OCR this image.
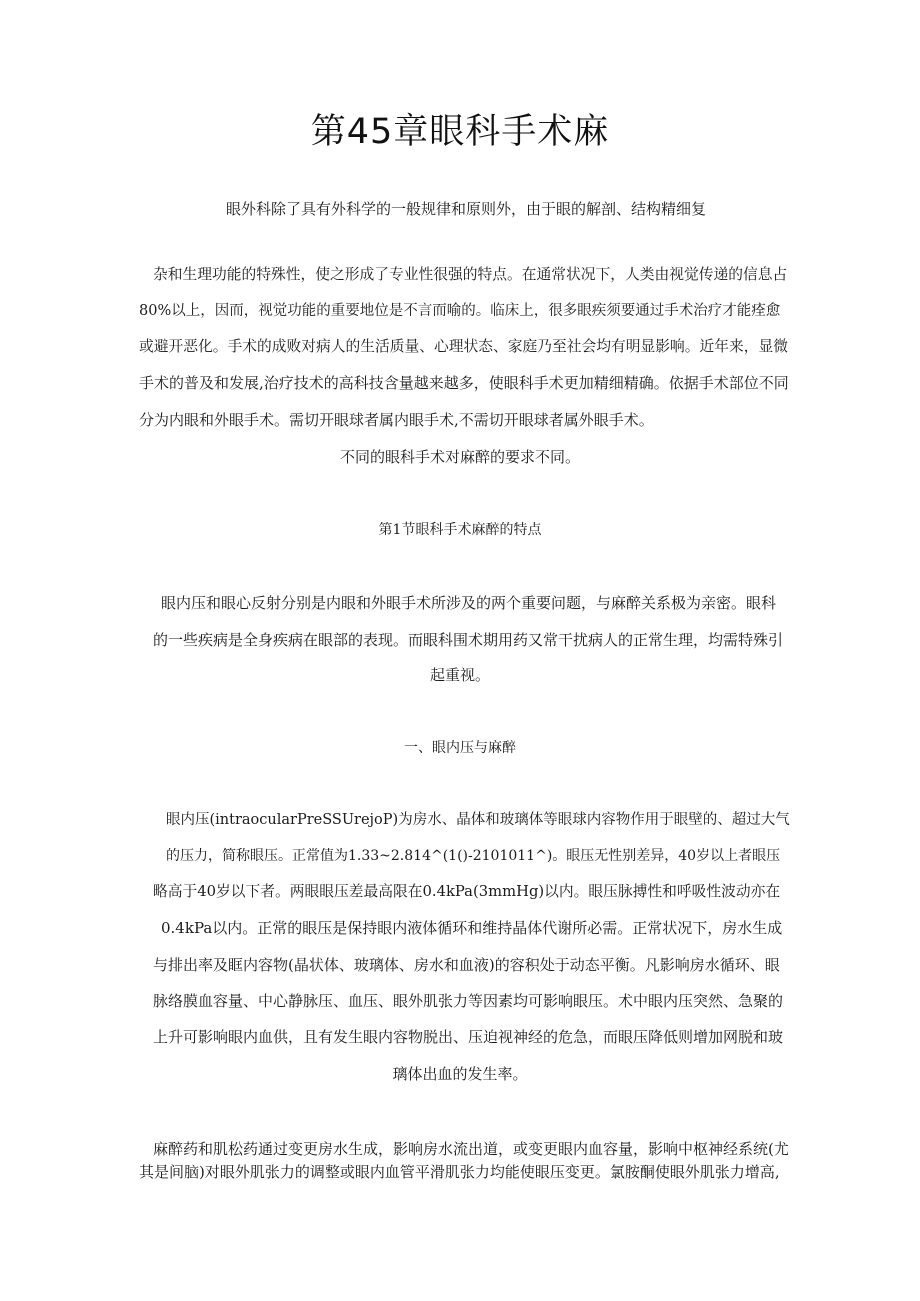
第45章眼科手术麻

眼外科除了具有外科学的一般规律和原则外，由于眼的解剖、结构精细复

杂和生理功能的特殊性，使之形成了专业性很强的特点。在通常状况下，人类由视觉传递的信息占

80%以上，因而，视觉功能的重要地位是不言而喻的。临床上，很多眼疾须要通过手术治疗才能痊愈

或避开恶化。手术的成败对病人的生活质量、心理状态、家庭乃至社会均有明显影响。近年来，显微

手术的普及和发展,治疗技术的高科技含量越来越多，使眼科手术更加精细精确。依据手术部位不同

分为内眼和外眼手术。需切开眼球者属内眼手术,不需切开眼球者属外眼手术。

不同的眼科手术对麻醉的要求不同。

第1节眼科手术麻醉的特点

眼内压和眼心反射分别是内眼和外眼手术所涉及的两个重要问题，与麻醉关系极为亲密。眼科

的一些疾病是全身疾病在眼部的表现。而眼科围术期用药又常干扰病人的正常生理，均需特殊引

起重视。

一、眼内压与麻醉

眼内压(intraocularPreSSUrejoP)为房水、晶体和玻璃体等眼球内容物作用于眼壁的、超过大气

的压力，简称眼压。正常值为1.33~2.814^(1()-2101011^)。眼压无性别差异，40岁以上者眼压

略高于40岁以下者。两眼眼压差最高限在0.4kPa(3mmHg)以内。眼压脉搏性和呼吸性波动亦在

0.4kPa以内。正常的眼压是保持眼内液体循环和维持晶体代谢所必需。正常状况下，房水生成

与排出率及眶内容物(晶状体、玻璃体、房水和血液)的容积处于动态平衡。凡影响房水循环、眼

脉络膜血容量、中心静脉压、血压、眼外肌张力等因素均可影响眼压。术中眼内压突然、急聚的

上升可影响眼内血供，且有发生眼内容物脱出、压迫视神经的危急，而眼压降低则增加网脱和玻

璃体出血的发生率。

麻醉药和肌松药通过变更房水生成，影响房水流出道，或变更眼内血容量，影响中枢神经系统(尤

其是间脑)对眼外肌张力的调整或眼内血管平滑肌张力均能使眼压变更。氯胺酮使眼外肌张力增高,
